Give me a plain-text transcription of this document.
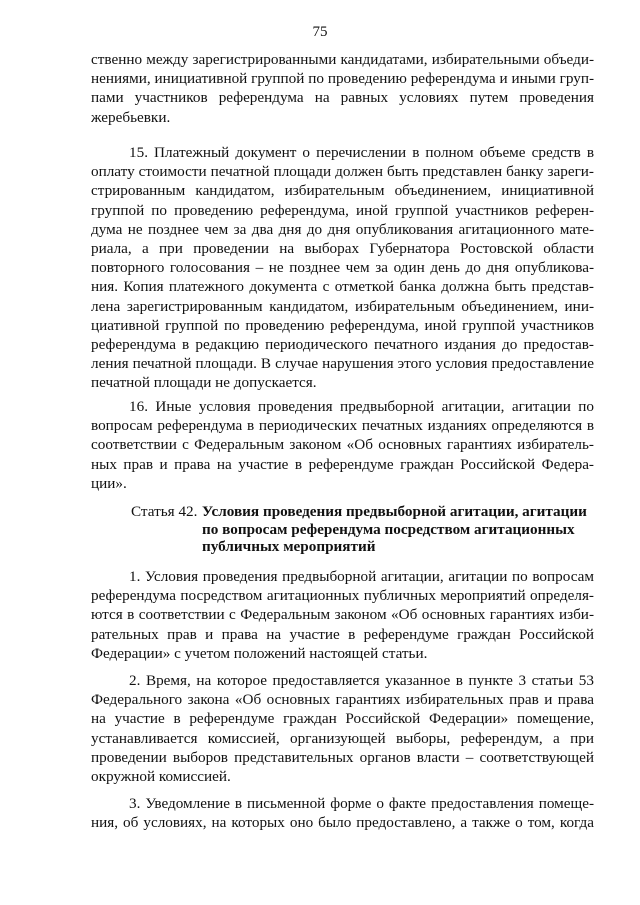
75
ственно между зарегистрированными кандидатами, избирательными объеди-
нениями, инициативной группой по проведению референдума и иными груп-
пами участников референдума на равных условиях путем проведения
жеребьевки.
15. Платежный документ о перечислении в полном объеме средств в
оплату стоимости печатной площади должен быть представлен банку зареги-
стрированным кандидатом, избирательным объединением, инициативной
группой по проведению референдума, иной группой участников референ-
дума не позднее чем за два дня до дня опубликования агитационного мате-
риала, а при проведении на выборах Губернатора Ростовской области
повторного голосования – не позднее чем за один день до дня опубликова-
ния. Копия платежного документа с отметкой банка должна быть представ-
лена зарегистрированным кандидатом, избирательным объединением, ини-
циативной группой по проведению референдума, иной группой участников
референдума в редакцию периодического печатного издания до предостав-
ления печатной площади. В случае нарушения этого условия предоставление
печатной площади не допускается.
16. Иные условия проведения предвыборной агитации, агитации по
вопросам референдума в периодических печатных изданиях определяются в
соответствии с Федеральным законом «Об основных гарантиях избиратель-
ных прав и права на участие в референдуме граждан Российской Федера-
ции».
Статья 42. Условия проведения предвыборной агитации, агитации
по вопросам референдума посредством агитационных
публичных мероприятий
1. Условия проведения предвыборной агитации, агитации по вопросам
референдума посредством агитационных публичных мероприятий определя-
ются в соответствии с Федеральным законом «Об основных гарантиях изби-
рательных прав и права на участие в референдуме граждан Российской
Федерации» с учетом положений настоящей статьи.
2. Время, на которое предоставляется указанное в пункте 3 статьи 53
Федерального закона «Об основных гарантиях избирательных прав и права
на участие в референдуме граждан Российской Федерации» помещение,
устанавливается комиссией, организующей выборы, референдум, а при
проведении выборов представительных органов власти – соответствующей
окружной комиссией.
3. Уведомление в письменной форме о факте предоставления помеще-
ния, об условиях, на которых оно было предоставлено, а также о том, когда
